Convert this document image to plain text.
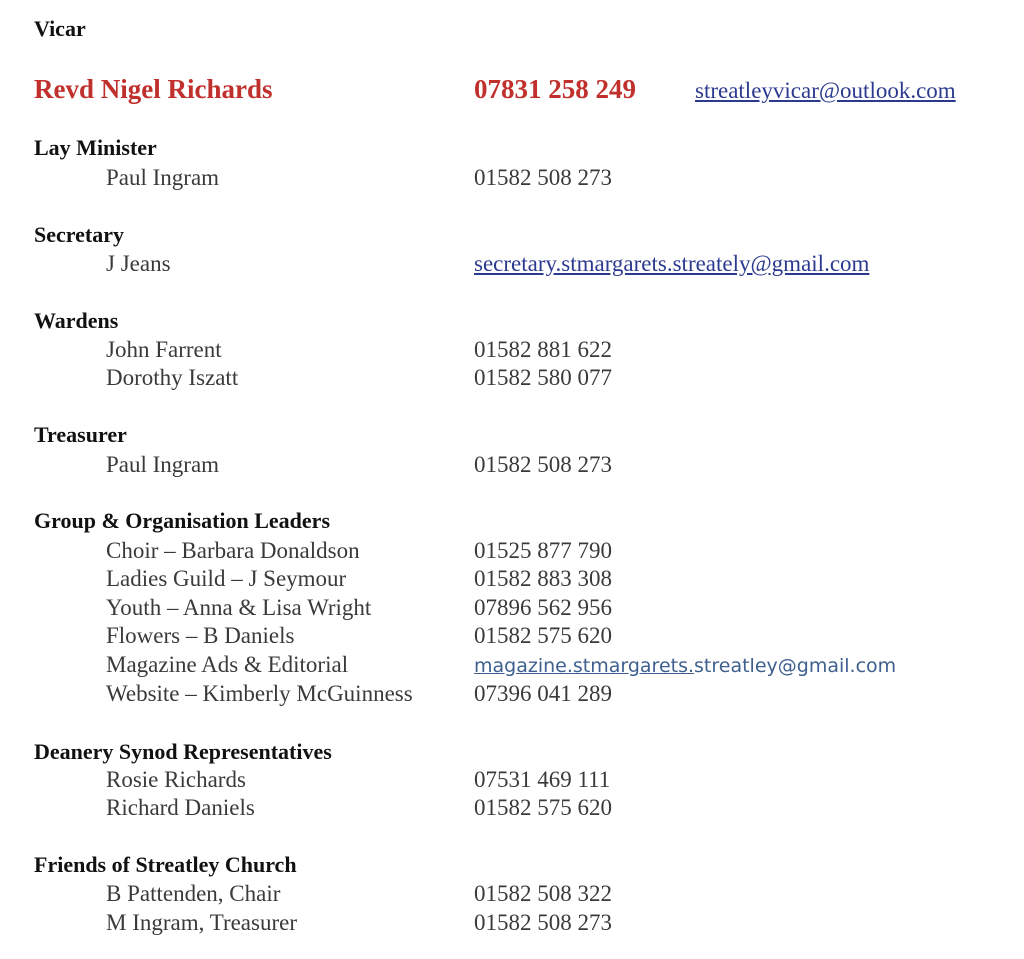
Vicar
Revd Nigel Richards	07831 258 249	streatleyvicar@outlook.com
Lay Minister
Paul Ingram	01582 508 273
Secretary
J Jeans	secretary.stmargarets.streately@gmail.com
Wardens
John Farrent	01582 881 622
Dorothy Iszatt	01582 580 077
Treasurer
Paul Ingram	01582 508 273
Group & Organisation Leaders
Choir – Barbara Donaldson	01525 877 790
Ladies Guild – J Seymour	01582 883 308
Youth – Anna & Lisa Wright	07896 562 956
Flowers – B Daniels	01582 575 620
Magazine Ads & Editorial	magazine.stmargarets.streatley@gmail.com
Website – Kimberly McGuinness	07396 041 289
Deanery Synod Representatives
Rosie Richards	07531 469 111
Richard Daniels	01582 575 620
Friends of Streatley Church
B Pattenden, Chair	01582 508 322
M Ingram, Treasurer	01582 508 273
